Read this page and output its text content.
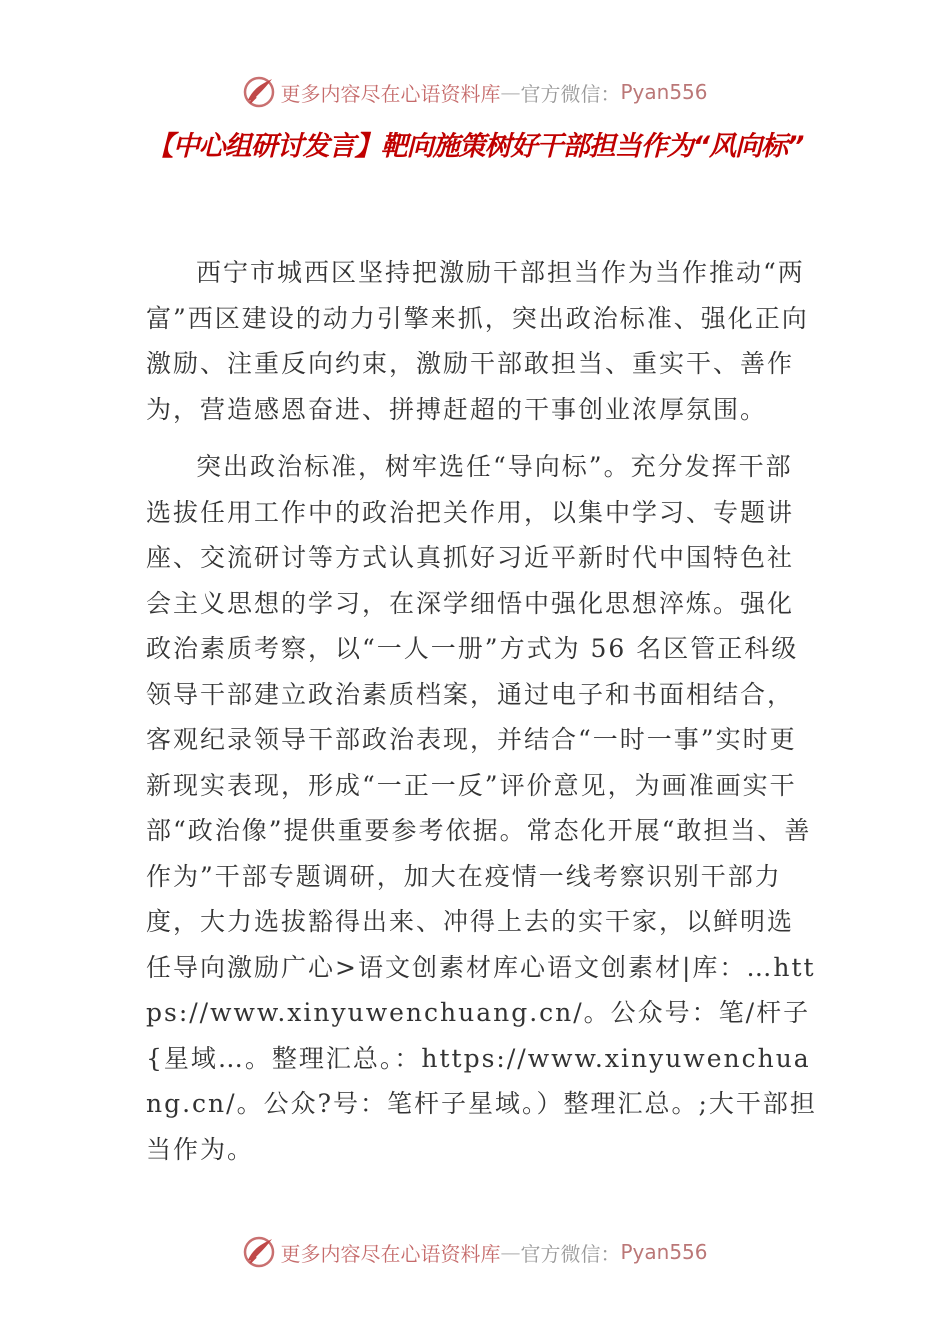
更多内容尽在心语资料库 — 官方微信： Pyan556
【中心组研讨发言】靶向施策树好干部担当作为“风向标”

西宁市城西区坚持把激励干部担当作为当作推动“两富”西区建设的动力引擎来抓，突出政治标准、强化正向激励、注重反向约束，激励干部敢担当、重实干、善作为，营造感恩奋进、拼搏赶超的干事创业浓厚氛围。

突出政治标准，树牢选任“导向标”。充分发挥干部选拔任用工作中的政治把关作用，以集中学习、专题讲座、交流研讨等方式认真抓好习近平新时代中国特色社会主义思想的学习，在深学细悟中强化思想淬炼。强化政治素质考察，以“一人一册”方式为 56 名区管正科级领导干部建立政治素质档案，通过电子和书面相结合，客观纪录领导干部政治表现，并结合“一时一事”实时更新现实表现，形成“一正一反”评价意见，为画准画实干部“政治像”提供重要参考依据。常态化开展“敢担当、善作为”干部专题调研，加大在疫情一线考察识别干部力度，大力选拔豁得出来、冲得上去的实干家，以鲜明选任导向激励广心>语文创素材库心语文创素材|库：…https://www.xinyuwenchuang.cn/。公众号：笔/杆子{星域…。整理汇总。：https://www.xinyuwenchuang.cn/。公众?号：笔杆子星域。）整理汇总。;大干部担当作为。

更多内容尽在心语资料库 — 官方微信： Pyan556
